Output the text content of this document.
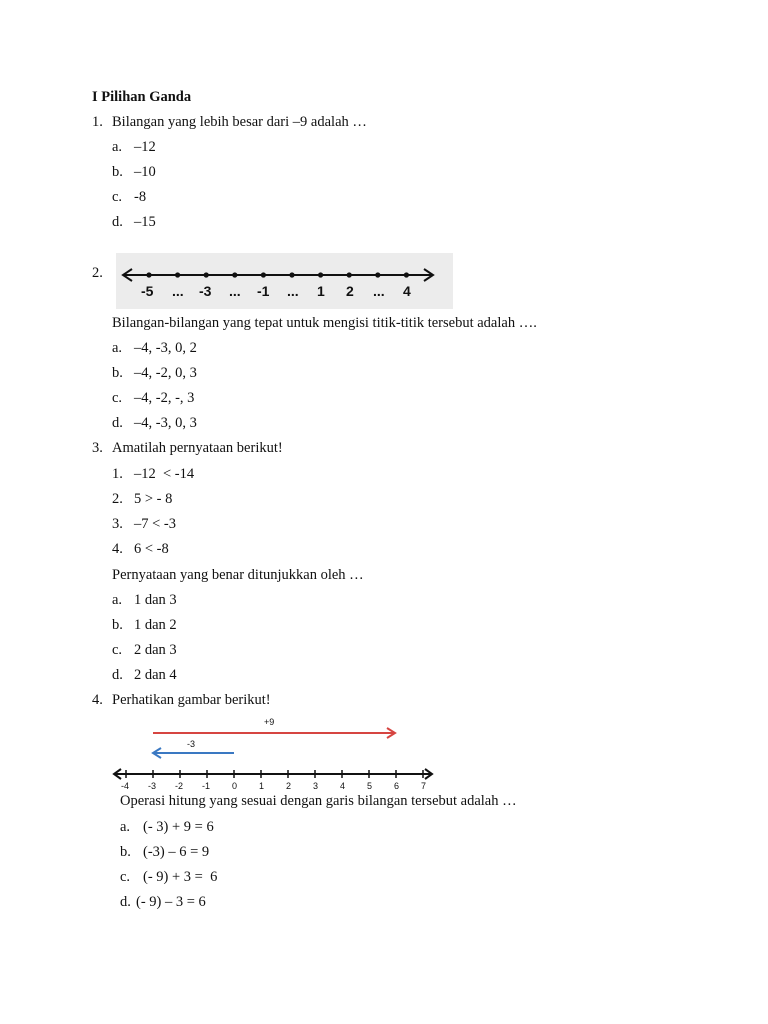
I Pilihan Ganda
1. Bilangan yang lebih besar dari –9 adalah …
a. –12
b. –10
c. -8
d. –15
2.
-5 ... -3 ... -1 ... 1 2 ... 4
Bilangan-bilangan yang tepat untuk mengisi titik-titik tersebut adalah ….
a. –4, -3, 0, 2
b. –4, -2, 0, 3
c. –4, -2, -, 3
d. –4, -3, 0, 3
3. Amatilah pernyataan berikut!
1. –12  < -14
2. 5 > - 8
3. –7 < -3
4. 6 < -8
Pernyataan yang benar ditunjukkan oleh …
a. 1 dan 3
b. 1 dan 2
c. 2 dan 3
d. 2 dan 4
4. Perhatikan gambar berikut!
+9
-3
-4 -3 -2 -1 0 1 2 3 4 5 6 7
Operasi hitung yang sesuai dengan garis bilangan tersebut adalah …
a. (- 3) + 9 = 6
b. (-3) – 6 = 9
c. (- 9) + 3 =  6
d. (- 9) – 3 = 6
